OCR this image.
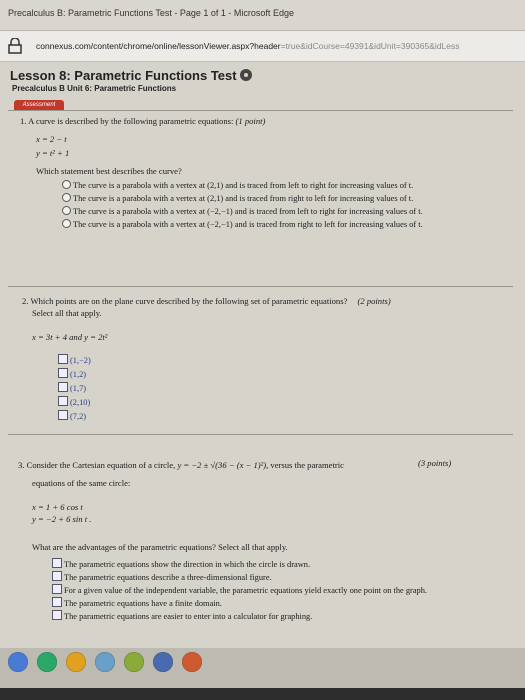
Precalculus B: Parametric Functions Test - Page 1 of 1 - Microsoft Edge
connexus.com/content/chrome/online/lessonViewer.aspx?header=true&idCourse=49391&idUnit=390365&idLess
Lesson 8: Parametric Functions Test
Precalculus B Unit 6: Parametric Functions
Assessment
1. A curve is described by the following parametric equations: (1 point)
x = 2 − t
y = t² + 1
Which statement best describes the curve?
The curve is a parabola with a vertex at (2,1) and is traced from left to right for increasing values of t.
The curve is a parabola with a vertex at (2,1) and is traced from right to left for increasing values of t.
The curve is a parabola with a vertex at (−2,−1) and is traced from left to right for increasing values of t.
The curve is a parabola with a vertex at (−2,−1) and is traced from right to left for increasing values of t.
2. Which points are on the plane curve described by the following set of parametric equations? (2 points)
Select all that apply.
x = 3t + 4 and y = 2t²
(1,−2)
(1,2)
(1,7)
(2,10)
(7,2)
3. Consider the Cartesian equation of a circle, y = −2 ± √(36 − (x − 1)²), versus the parametric	(3 points)
equations of the same circle:
x = 1 + 6 cos t
y = −2 + 6 sin t .
What are the advantages of the parametric equations? Select all that apply.
The parametric equations show the direction in which the circle is drawn.
The parametric equations describe a three-dimensional figure.
For a given value of the independent variable, the parametric equations yield exactly one point on the graph.
The parametric equations have a finite domain.
The parametric equations are easier to enter into a calculator for graphing.
